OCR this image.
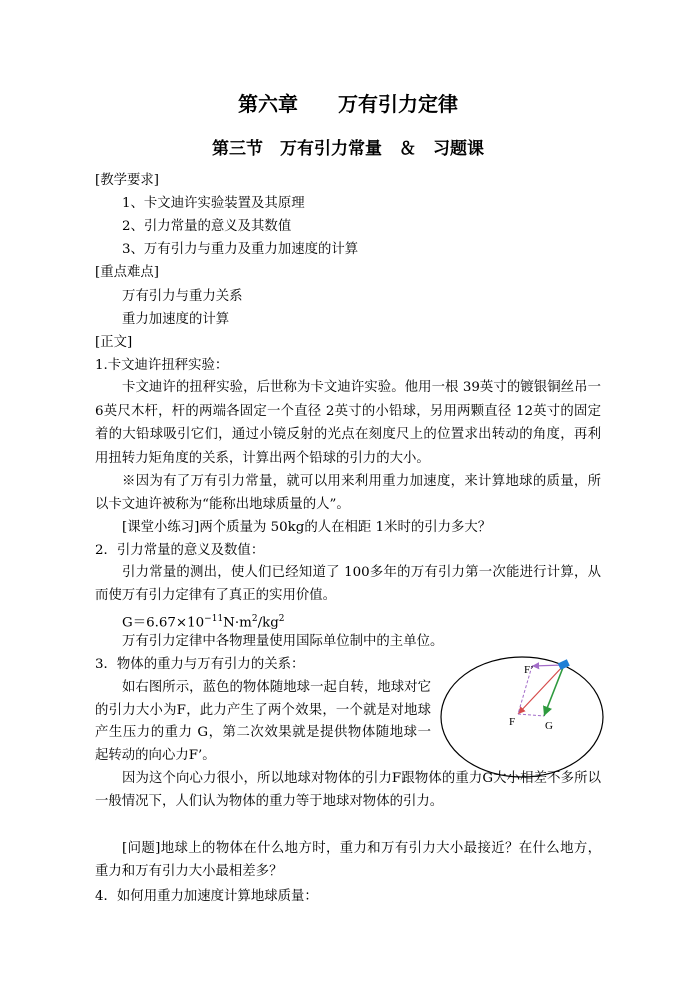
第六章　　万有引力定律
第三节　万有引力常量　＆　习题课
[教学要求]
1、卡文迪许实验装置及其原理
2、引力常量的意义及其数值
3、万有引力与重力及重力加速度的计算
[重点难点]
万有引力与重力关系
重力加速度的计算
[正文]
1.卡文迪许扭秤实验：
卡文迪许的扭秤实验，后世称为卡文迪许实验。他用一根 39英寸的镀银铜丝吊一 6英尺木杆，杆的两端各固定一个直径 2英寸的小铅球，另用两颗直径 12英寸的固定着的大铅球吸引它们，通过小镜反射的光点在刻度尺上的位置求出转动的角度，再利用扭转力矩角度的关系，计算出两个铅球的引力的大小。
※因为有了万有引力常量，就可以用来利用重力加速度，来计算地球的质量，所以卡文迪许被称为“能称出地球质量的人”。
[课堂小练习]两个质量为 50kg的人在相距 1米时的引力多大？
2．引力常量的意义及数值：
引力常量的测出，使人们已经知道了 100多年的万有引力第一次能进行计算，从而使万有引力定律有了真正的实用价值。
$G=6.67\times 10^{-11}N\cdot m^2/kg^2$
万有引力定律中各物理量使用国际单位制中的主单位。
3．物体的重力与万有引力的关系：
如右图所示，蓝色的物体随地球一起自转，地球对它的引力大小为F，此力产生了两个效果，一个就是对地球产生压力的重力 G，第二次效果就是提供物体随地球一起转动的向心力F’。
因为这个向心力很小，所以地球对物体的引力F跟物体的重力G大小相差不多所以一般情况下，人们认为物体的重力等于地球对物体的引力。
[问题]地球上的物体在什么地方时，重力和万有引力大小最接近？在什么地方，重力和万有引力大小最相差多？
4．如何用重力加速度计算地球质量：
F’
F	G
